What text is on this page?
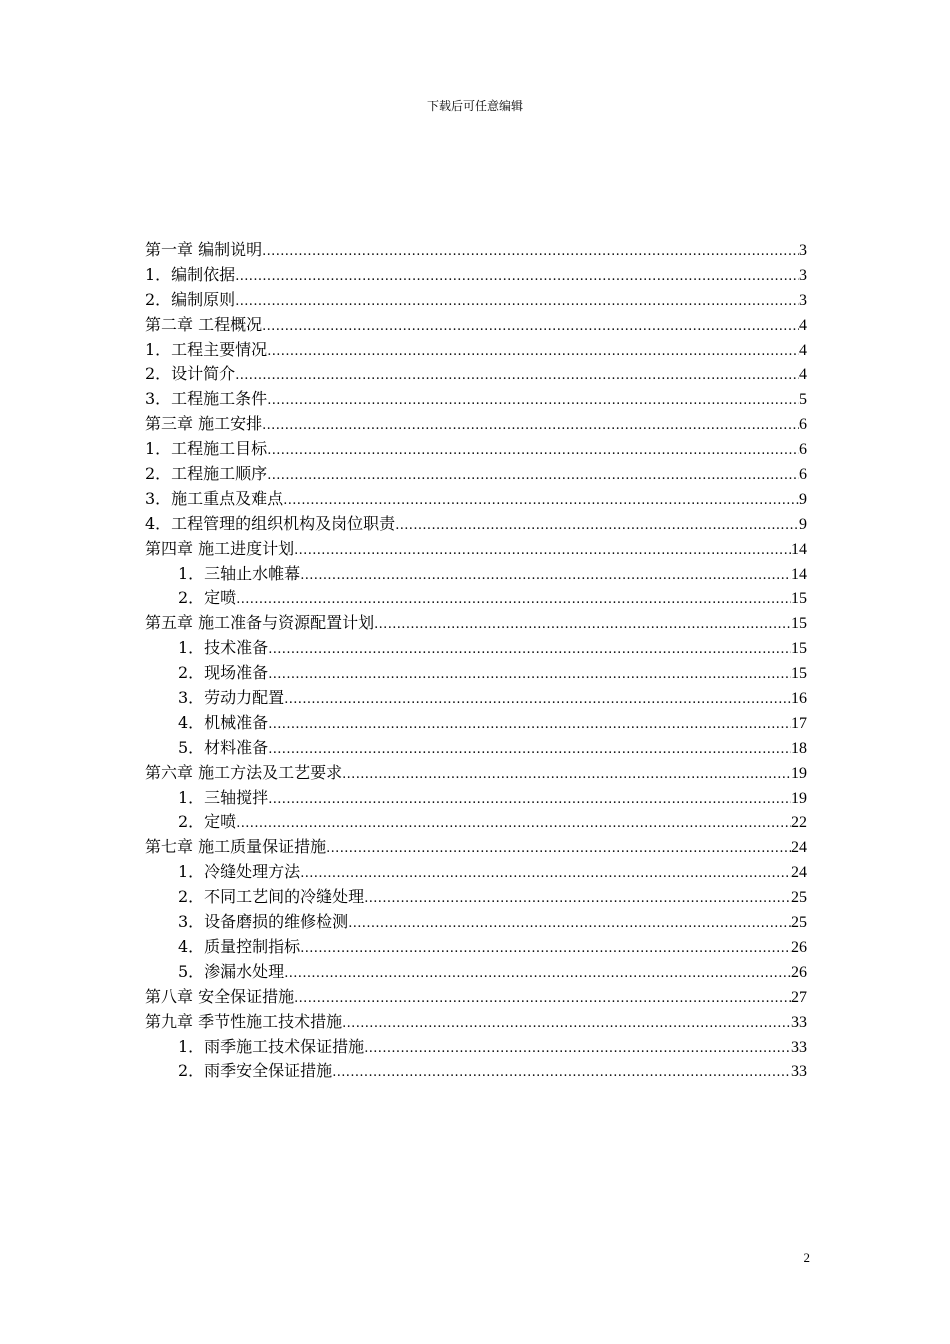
下载后可任意编辑
第一章 编制说明 .....	3
1．编制依据 .....	3
2．编制原则 .....	3
第二章 工程概况 .....	4
1．工程主要情况 .....	4
2．设计简介 .....	4
3．工程施工条件 .....	5
第三章 施工安排 .....	6
1．工程施工目标 .....	6
2．工程施工顺序 .....	6
3．施工重点及难点 .....	9
4．工程管理的组织机构及岗位职责 .....	9
第四章 施工进度计划 .....	14
1．三轴止水帷幕 .....	14
2．定喷 .....	15
第五章 施工准备与资源配置计划 .....	15
1．技术准备 .....	15
2．现场准备 .....	15
3．劳动力配置 .....	16
4．机械准备 .....	17
5．材料准备 .....	18
第六章 施工方法及工艺要求 .....	19
1．三轴搅拌 .....	19
2．定喷 .....	22
第七章 施工质量保证措施 .....	24
1．冷缝处理方法 .....	24
2．不同工艺间的冷缝处理 .....	25
3．设备磨损的维修检测 .....	25
4．质量控制指标 .....	26
5．渗漏水处理 .....	26
第八章 安全保证措施 .....	27
第九章 季节性施工技术措施 .....	33
1．雨季施工技术保证措施 .....	33
2．雨季安全保证措施 .....	33
2
